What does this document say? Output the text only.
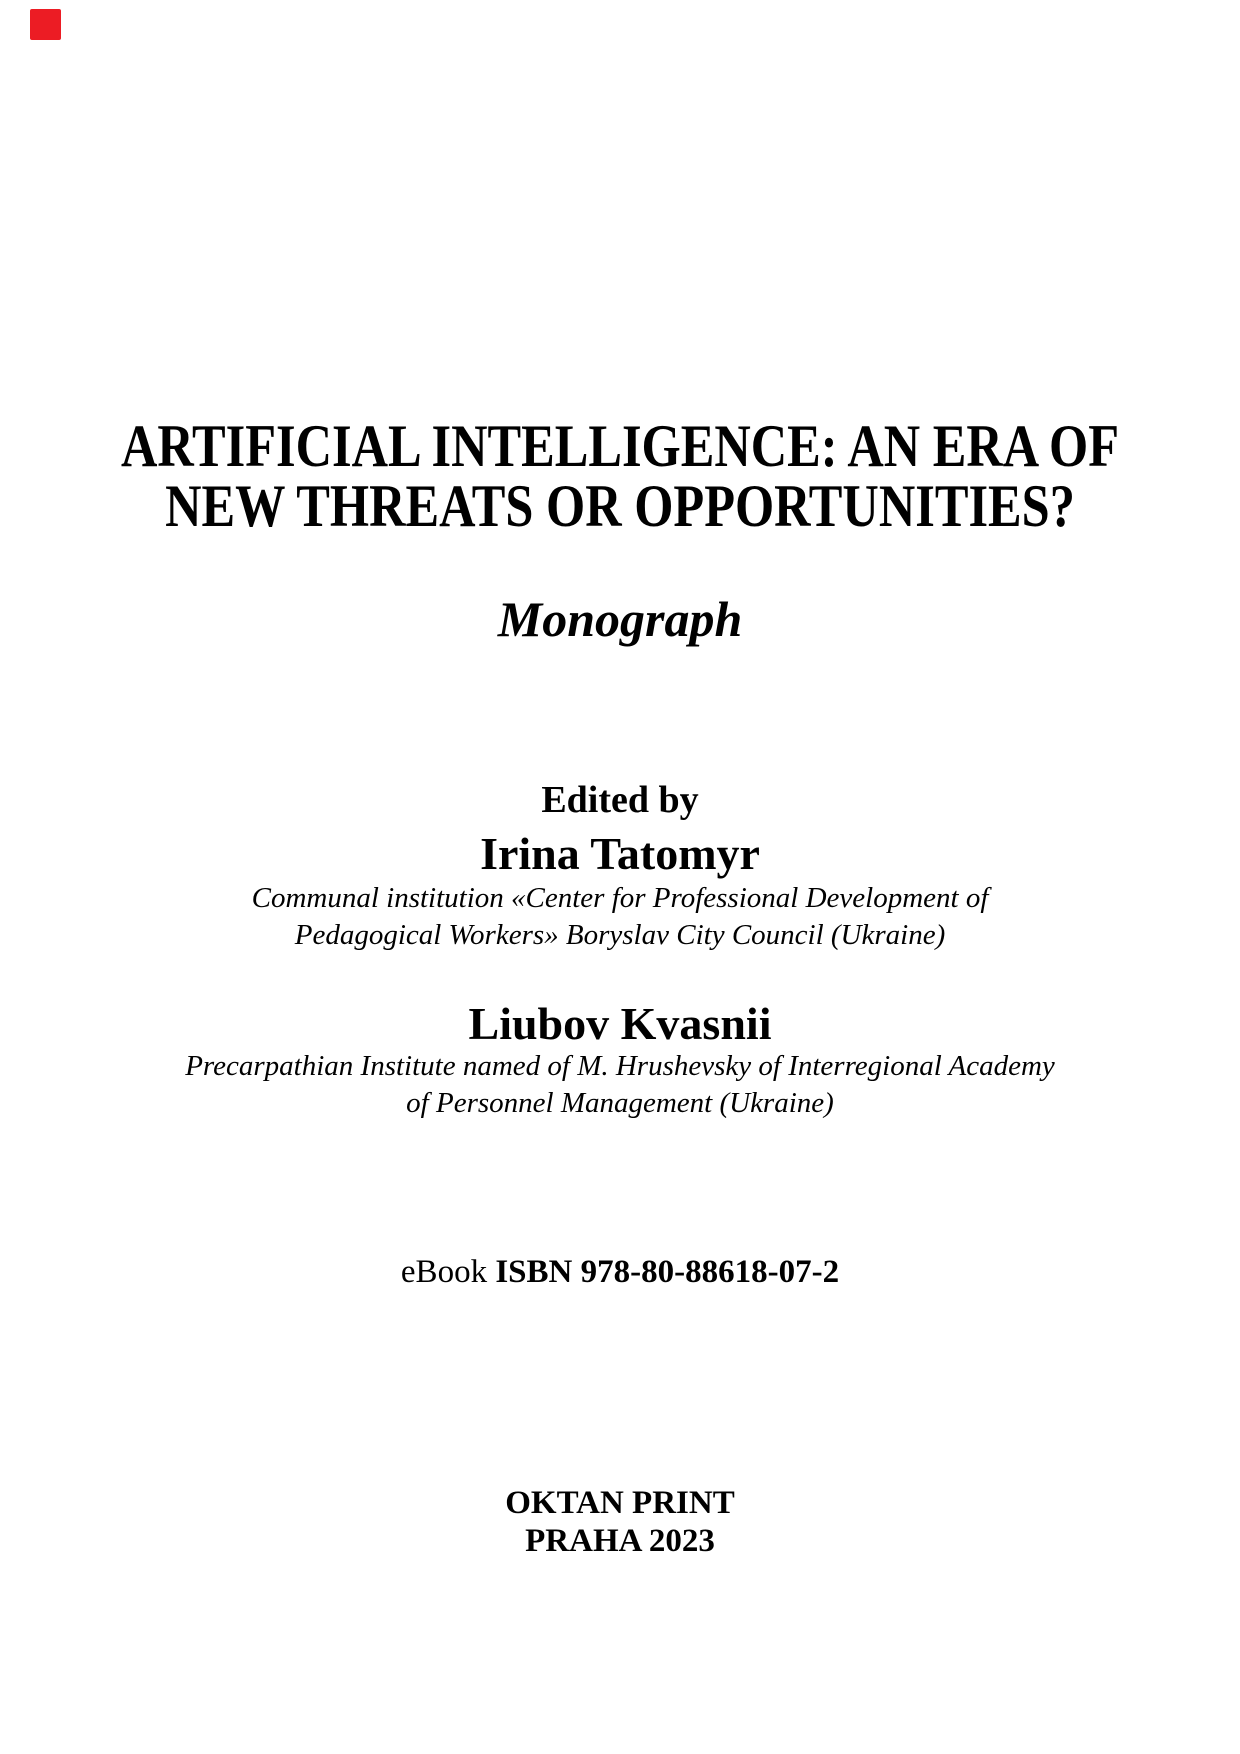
ARTIFICIAL INTELLIGENCE: AN ERA OF
NEW THREATS OR OPPORTUNITIES?
Monograph
Edited by
Irina Tatomyr
Communal institution «Center for Professional Development of
Pedagogical Workers» Boryslav City Council (Ukraine)
Liubov Kvasnii
Precarpathian Institute named of M. Hrushevsky of Interregional Academy
of Personnel Management (Ukraine)
eBook ISBN 978-80-88618-07-2
OKTAN PRINT
PRAHA 2023
